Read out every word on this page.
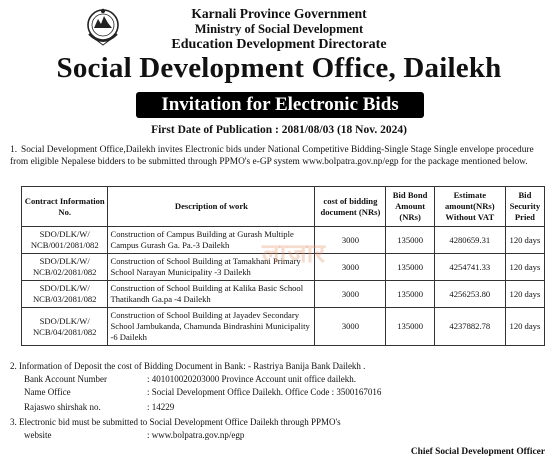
Karnali Province Government
Ministry of Social Development
Education Development Directorate
Social Development Office, Dailekh
Invitation for Electronic Bids
First Date of Publication : 2081/08/03 (18 Nov. 2024)
1. Social Development Office,Dailekh invites Electronic bids under National Competitive Bidding-Single Stage Single envelope procedure from eligible Nepalese bidders to be submitted through PPMO's e-GP system www.bolpatra.gov.np/egp for the package mentioned below.
Contract Information No.	Description of work	cost of bidding document (NRs)	Bid Bond Amount (NRs)	Estimate amount(NRs) Without VAT	Bid Security Pried
SDO/DLK/W/ NCB/001/2081/082	Construction of Campus Building at Gurash Multiple Campus Gurash Ga. Pa.-3 Dailekh	3000	135000	4280659.31	120 days
SDO/DLK/W/ NCB/02/2081/082	Construction of School Building at Tamakhani Primary School Narayan Municipality -3 Dailekh	3000	135000	4254741.33	120 days
SDO/DLK/W/ NCB/03/2081/082	Construction of School Building at Kalika Basic School Thatikandh Ga.pa -4 Dailekh	3000	135000	4256253.80	120 days
SDO/DLK/W/ NCB/04/2081/082	Construction of School Building at Jayadev Secondary School Jambukanda, Chamunda Bindrashini Municipality -6 Dailekh	3000	135000	4237882.78	120 days
लाजार
2. Information of Deposit the cost of Bidding Document in Bank: - Rastriya Banija Bank Dailekh .
Bank Account Number	: 401010020203000 Province Account unit office dailekh.
Name Office	: Social Development Office Dailekh. Office Code : 3500167016
Rajaswo shirshak no.	: 14229
3. Electronic bid must be submitted to Social Development Office Dailekh through PPMO's
website	: www.bolpatra.gov.np/egp
Chief Social Development Officer
